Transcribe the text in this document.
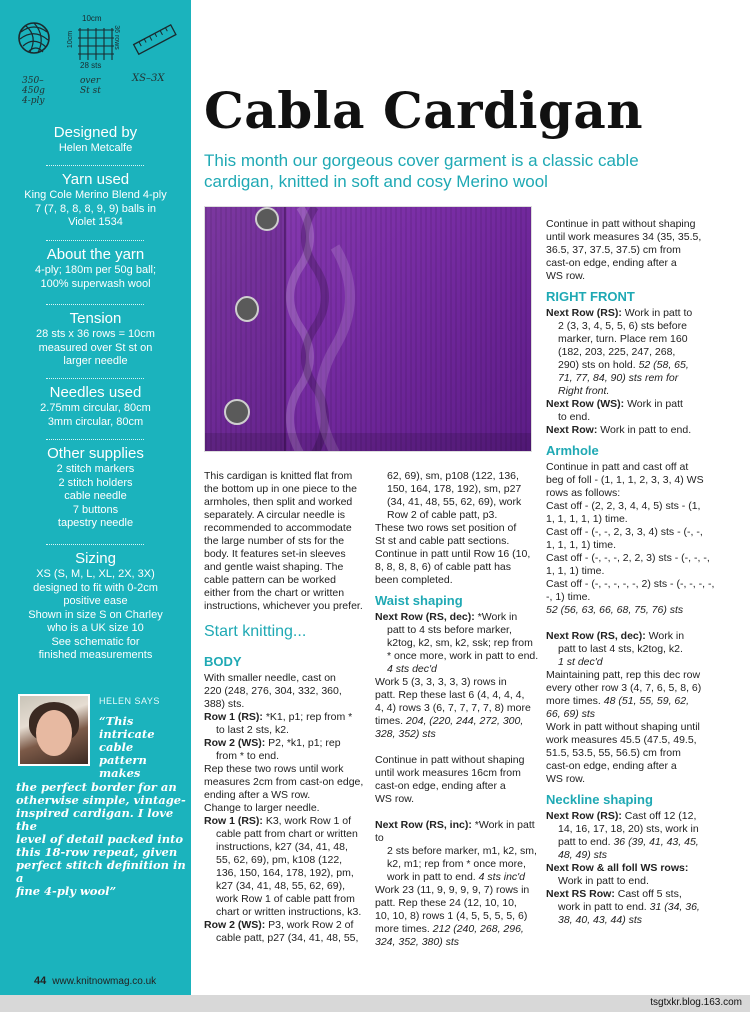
10cm
10cm	36 rows
28 sts
350–
450g
4-ply
over
St st
XS–3X
Designed by

Helen Metcalfe

Yarn used

King Cole Merino Blend 4-ply

7 (7, 8, 8, 8, 9, 9) balls in

Violet 1534

About the yarn

4-ply; 180m per 50g ball;

100% superwash wool

Tension

28 sts x 36 rows = 10cm

measured over St st on

larger needle

Needles used

2.75mm circular, 80cm

3mm circular, 80cm

Other supplies

2 stitch markers

2 stitch holders

cable needle

7 buttons

tapestry needle

Sizing

XS (S, M, L, XL, 2X, 3X)

designed to fit with 0-2cm

positive ease

Shown in size S on Charley

who is a UK size 10

See schematic for

finished measurements

HELEN SAYS
“This
intricate
cable
pattern
makes
the perfect border for an
otherwise simple, vintage-
inspired cardigan. I love the
level of detail packed into
this 18-row repeat, given
perfect stitch definition in a
fine 4-ply wool”
44 www.knitnowmag.co.uk
tsgtxkr.blog.163.com
Cabla Cardigan
This month our gorgeous cover garment is a classic cable cardigan, knitted in soft and cosy Merino wool

This cardigan is knitted flat from

the bottom up in one piece to the

armholes, then split and worked

separately. A circular needle is

recommended to accommodate

the large number of sts for the

body. It features set-in sleeves

and gentle waist shaping. The

cable pattern can be worked

either from the chart or written

instructions, whichever you prefer.

Start knitting...
BODY

With smaller needle, cast on

220 (248, 276, 304, 332, 360,

388) sts.

Row 1 (RS): *K1, p1; rep from *

to last 2 sts, k2.

Row 2 (WS): P2, *k1, p1; rep

from * to end.

Rep these two rows until work

measures 2cm from cast-on edge,

ending after a WS row.

Change to larger needle.

Row 1 (RS): K3, work Row 1 of

cable patt from chart or written

instructions, k27 (34, 41, 48,

55, 62, 69), pm, k108 (122,

136, 150, 164, 178, 192), pm,

k27 (34, 41, 48, 55, 62, 69),

work Row 1 of cable patt from

chart or written instructions, k3.

Row 2 (WS): P3, work Row 2 of

cable patt, p27 (34, 41, 48, 55,

62, 69), sm, p108 (122, 136,

150, 164, 178, 192), sm, p27

(34, 41, 48, 55, 62, 69), work

Row 2 of cable patt, p3.

These two rows set position of

St st and cable patt sections.

Continue in patt until Row 16 (10,

8, 8, 8, 8, 6) of cable patt has

been completed.

Waist shaping

Next Row (RS, dec): *Work in

patt to 4 sts before marker,

k2tog, k2, sm, k2, ssk; rep from

* once more, work in patt to end.

4 sts dec'd

Work 5 (3, 3, 3, 3, 3) rows in

patt. Rep these last 6 (4, 4, 4, 4,

4, 4) rows 3 (6, 7, 7, 7, 7, 8) more

times. 204, (220, 244, 272, 300,

328, 352) sts

Continue in patt without shaping

until work measures 16cm from

cast-on edge, ending after a

WS row.

Next Row (RS, inc): *Work in patt to

2 sts before marker, m1, k2, sm,

k2, m1; rep from * once more,

work in patt to end. 4 sts inc'd

Work 23 (11, 9, 9, 9, 9, 7) rows in

patt. Rep these 24 (12, 10, 10,

10, 10, 8) rows 1 (4, 5, 5, 5, 5, 6)

more times. 212 (240, 268, 296,

324, 352, 380) sts

Continue in patt without shaping

until work measures 34 (35, 35.5,

36.5, 37, 37.5, 37.5) cm from

cast-on edge, ending after a

WS row.

RIGHT FRONT

Next Row (RS): Work in patt to

2 (3, 3, 4, 5, 5, 6) sts before

marker, turn. Place rem 160

(182, 203, 225, 247, 268,

290) sts on hold. 52 (58, 65,

71, 77, 84, 90) sts rem for

Right front.

Next Row (WS): Work in patt

to end.

Next Row: Work in patt to end.

Armhole

Continue in patt and cast off at

beg of foll - (1, 1, 1, 2, 3, 3, 4) WS

rows as follows:

Cast off - (2, 2, 3, 4, 4, 5) sts - (1,

1, 1, 1, 1, 1) time.

Cast off - (-, -, 2, 3, 3, 4) sts - (-, -,

1, 1, 1, 1) time.

Cast off - (-, -, -, 2, 2, 3) sts - (-, -, -,

1, 1, 1) time.

Cast off - (-, -, -, -, -, 2) sts - (-, -, -, -,

-, 1) time.

52 (56, 63, 66, 68, 75, 76) sts

Next Row (RS, dec): Work in

patt to last 4 sts, k2tog, k2.

1 st dec'd

Maintaining patt, rep this dec row

every other row 3 (4, 7, 6, 5, 8, 6)

more times. 48 (51, 55, 59, 62,

66, 69) sts

Work in patt without shaping until

work measures 45.5 (47.5, 49.5,

51.5, 53.5, 55, 56.5) cm from

cast-on edge, ending after a

WS row.

Neckline shaping

Next Row (RS): Cast off 12 (12,

14, 16, 17, 18, 20) sts, work in

patt to end. 36 (39, 41, 43, 45,

48, 49) sts

Next Row & all foll WS rows:

Work in patt to end.

Next RS Row: Cast off 5 sts,

work in patt to end. 31 (34, 36,

38, 40, 43, 44) sts
